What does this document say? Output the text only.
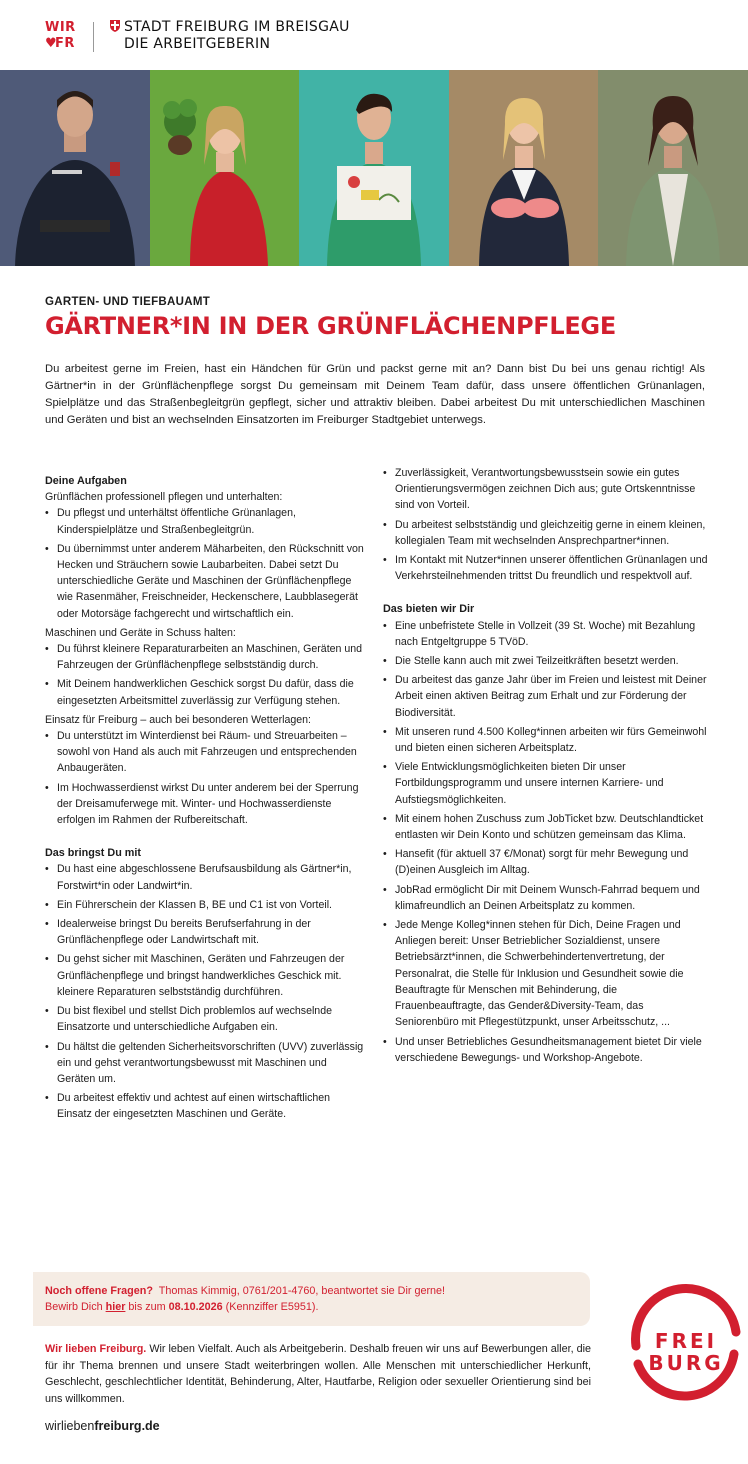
WIR
♥FR
STADT FREIBURG IM BREISGAU
DIE ARBEITGEBERIN
GARTEN- UND TIEFBAUAMT
GÄRTNER*IN IN DER GRÜNFLÄCHENPFLEGE

Du arbeitest gerne im Freien, hast ein Händchen für Grün und packst gerne mit an? Dann bist Du bei uns genau richtig! Als Gärtner*in in der Grünflächenpflege sorgst Du gemeinsam mit Deinem Team dafür, dass unsere öffentlichen Grünanlagen, Spielplätze und das Straßenbegleitgrün gepflegt, sicher und attraktiv bleiben. Dabei arbeitest Du mit unterschiedlichen Maschinen und Geräten und bist an wechselnden Einsatzorten im Freiburger Stadtgebiet unterwegs.

Deine Aufgaben
Grünflächen professionell pflegen und unterhalten:
• Du pflegst und unterhältst öffentliche Grünanlagen, Kinderspielplätze und Straßenbegleitgrün.
• Du übernimmst unter anderem Mäharbeiten, den Rückschnitt von Hecken und Sträuchern sowie Laubarbeiten. Dabei setzt Du unterschiedliche Geräte und Maschinen der Grünflächenpflege wie Rasenmäher, Freischneider, Heckenschere, Laubblasegerät oder Motorsäge fachgerecht und wirtschaftlich ein.
Maschinen und Geräte in Schuss halten:
• Du führst kleinere Reparaturarbeiten an Maschinen, Geräten und Fahrzeugen der Grünflächenpflege selbstständig durch.
• Mit Deinem handwerklichen Geschick sorgst Du dafür, dass die eingesetzten Arbeitsmittel zuverlässig zur Verfügung stehen.
Einsatz für Freiburg – auch bei besonderen Wetterlagen:
• Du unterstützt im Winterdienst bei Räum- und Streuarbeiten – sowohl von Hand als auch mit Fahrzeugen und entsprechenden Anbaugeräten.
• Im Hochwasserdienst wirkst Du unter anderem bei der Sperrung der Dreisamuferwege mit. Winter- und Hochwasserdienste erfolgen im Rahmen der Rufbereitschaft.
Das bringst Du mit
• Du hast eine abgeschlossene Berufsausbildung als Gärtner*in, Forstwirt*in oder Landwirt*in.
• Ein Führerschein der Klassen B, BE und C1 ist von Vorteil.
• Idealerweise bringst Du bereits Berufserfahrung in der Grünflächenpflege oder Landwirtschaft mit.
• Du gehst sicher mit Maschinen, Geräten und Fahrzeugen der Grünflächenpflege und bringst handwerkliches Geschick mit. kleinere Reparaturen selbstständig durchführen.
• Du bist flexibel und stellst Dich problemlos auf wechselnde Einsatzorte und unterschiedliche Aufgaben ein.
• Du hältst die geltenden Sicherheitsvorschriften (UVV) zuverlässig ein und gehst verantwortungsbewusst mit Maschinen und Geräten um.
• Du arbeitest effektiv und achtest auf einen wirtschaftlichen Einsatz der eingesetzten Maschinen und Geräte.
• Zuverlässigkeit, Verantwortungsbewusstsein sowie ein gutes Orientierungsvermögen zeichnen Dich aus; gute Ortskenntnisse sind von Vorteil.
• Du arbeitest selbstständig und gleichzeitig gerne in einem kleinen, kollegialen Team mit wechselnden Ansprechpartner*innen.
• Im Kontakt mit Nutzer*innen unserer öffentlichen Grünanlagen und Verkehrsteilnehmenden trittst Du freundlich und respektvoll auf.
Das bieten wir Dir
• Eine unbefristete Stelle in Vollzeit (39 St. Woche) mit Bezahlung nach Entgeltgruppe 5 TVöD.
• Die Stelle kann auch mit zwei Teilzeitkräften besetzt werden.
• Du arbeitest das ganze Jahr über im Freien und leistest mit Deiner Arbeit einen aktiven Beitrag zum Erhalt und zur Förderung der Biodiversität.
• Mit unseren rund 4.500 Kolleg*innen arbeiten wir fürs Gemeinwohl und bieten einen sicheren Arbeitsplatz.
• Viele Entwicklungsmöglichkeiten bieten Dir unser Fortbildungsprogramm und unsere internen Karriere- und Aufstiegsmöglichkeiten.
• Mit einem hohen Zuschuss zum JobTicket bzw. Deutschlandticket entlasten wir Dein Konto und schützen gemeinsam das Klima.
• Hansefit (für aktuell 37 €/Monat) sorgt für mehr Bewegung und (D)einen Ausgleich im Alltag.
• JobRad ermöglicht Dir mit Deinem Wunsch-Fahrrad bequem und klimafreundlich an Deinen Arbeitsplatz zu kommen.
• Jede Menge Kolleg*innen stehen für Dich, Deine Fragen und Anliegen bereit: Unser Betrieblicher Sozialdienst, unsere Betriebsärzt*innen, die Schwerbehindertenvertretung, der Personalrat, die Stelle für Inklusion und Gesundheit sowie die Beauftragte für Menschen mit Behinderung, die Frauenbeauftragte, das Gender&Diversity-Team, das Seniorenbüro mit Pflegestützpunkt, unser Arbeitsschutz, ...
• Und unser Betriebliches Gesundheitsmanagement bietet Dir viele verschiedene Bewegungs- und Workshop-Angebote.
Noch offene Fragen? Thomas Kimmig, 0761/201-4760, beantwortet sie Dir gerne!
Bewirb Dich hier bis zum 08.10.2026 (Kennziffer E5951).
FREI
BURG

Wir lieben Freiburg. Wir leben Vielfalt. Auch als Arbeitgeberin. Deshalb freuen wir uns auf Bewerbungen aller, die für ihr Thema brennen und unsere Stadt weiterbringen wollen. Alle Menschen mit unterschiedlicher Herkunft, Geschlecht, geschlechtlicher Identität, Behinderung, Alter, Hautfarbe, Religion oder sexueller Orientierung sind bei uns willkommen.

wirliebenfreiburg.de
